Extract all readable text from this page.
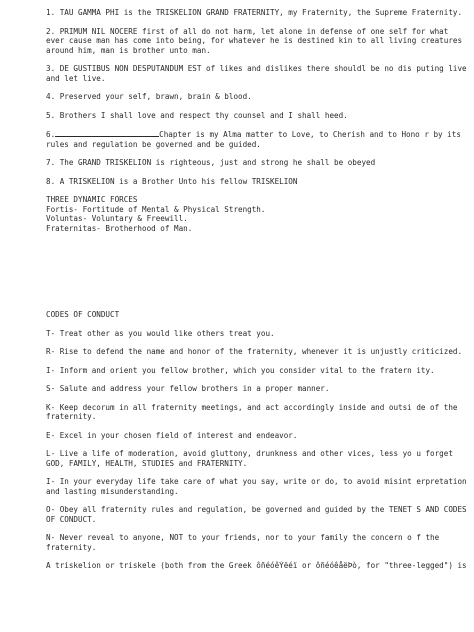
1. TAU GAMMA PHI is the TRISKELION GRAND FRATERNITY, my Fraternity, the Supreme Fraternity.

2. PRIMUM NIL NOCERE first of all do not harm, let alone in defense of one self for what ever cause man has come into being, for whatever he is destined kin to all living creatures around him, man is brother unto man.

3. DE GUSTIBUS NON DESPUTANDUM EST of likes and dislikes there shouldl be no dis puting live and let live.

4. Preserved your self, brawn, brain & blood.

5. Brothers I shall love and respect thy counsel and I shall heed.

6.	Chapter is my Alma matter to Love, to Cherish and to Hono r by its rules and regulation be governed and be guided.

7. The GRAND TRISKELION is righteous, just and strong he shall be obeyed

8. A TRISKELION is a Brother Unto his fellow TRISKELION

THREE DYNAMIC FORCES
Fortis- Fortitude of Mental & Physical Strength.
Voluntas- Voluntary & Freewill.
Fraternitas- Brotherhood of Man.

CODES OF CONDUCT

T- Treat other as you would like others treat you.

R- Rise to defend the name and honor of the fraternity, whenever it is unjustly criticized.

I- Inform and orient you fellow brother, which you consider vital to the fratern ity.

S- Salute and address your fellow brothers in a proper manner.

K- Keep decorum in all fraternity meetings, and act accordingly inside and outsi de of the fraternity.

E- Excel in your chosen field of interest and endeavor.

L- Live a life of moderation, avoid gluttony, drunkness and other vices, less yo u forget GOD, FAMILY, HEALTH, STUDIES and FRATERNITY.

I- In your everyday life take care of what you say, write or do, to avoid misint erpretation and lasting misunderstanding.

O- Obey all fraternity rules and regulation, be governed and guided by the TENET S AND CODES OF CONDUCT.

N- Never reveal to anyone, NOT to your friends, nor to your family the concern o f the fraternity.

A triskelion or triskele (both from the Greek ôñéóêÝëéï or ôñéóêåëÞò, for "three-legged") is
